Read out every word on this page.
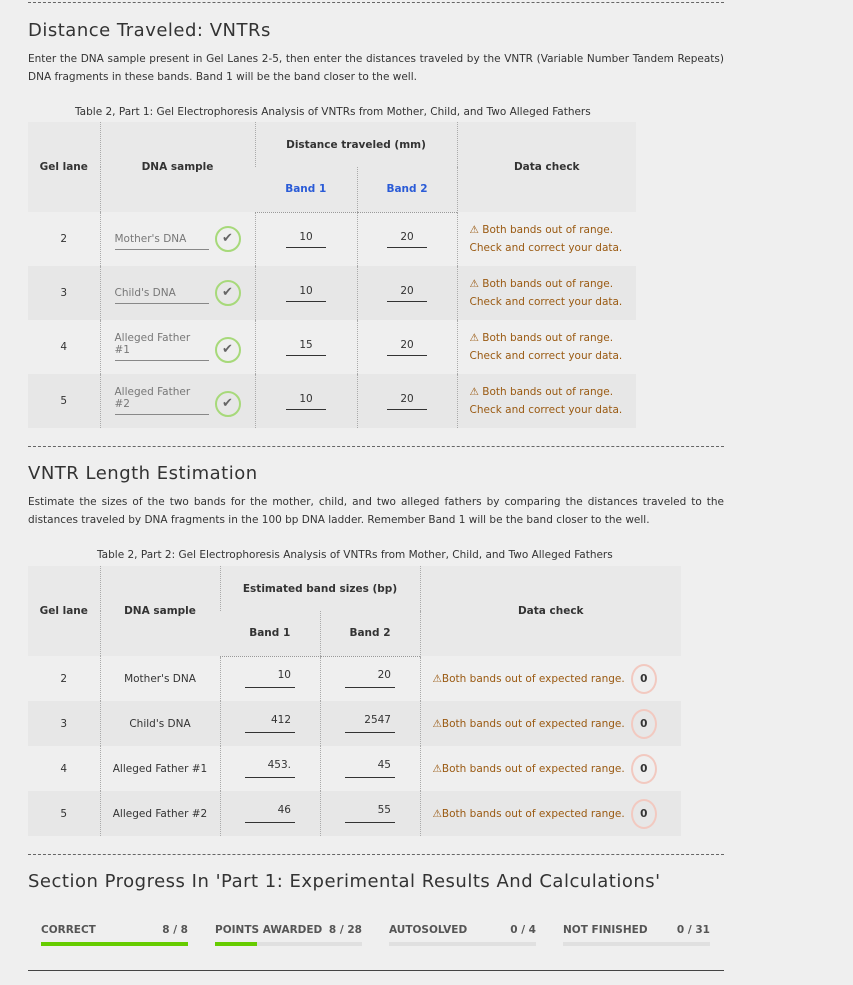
Distance Traveled: VNTRs
Enter the DNA sample present in Gel Lanes 2-5, then enter the distances traveled by the VNTR (Variable Number Tandem Repeats) DNA fragments in these bands. Band 1 will be the band closer to the well.
Table 2, Part 1: Gel Electrophoresis Analysis of VNTRs from Mother, Child, and Two Alleged Fathers
Gel lane	DNA sample	Distance traveled (mm)		Data check
		Band 1	Band 2	
2	Mother's DNA ✔	10	20	⚠ Both bands out of range.
Check and correct your data.

3	Child's DNA ✔	10	20	⚠ Both bands out of range.
Check and correct your data.

4	Alleged Father #1 ✔	15	20	⚠ Both bands out of range.
Check and correct your data.

5	Alleged Father #2 ✔	10	20	⚠ Both bands out of range.
Check and correct your data.
VNTR Length Estimation
Estimate the sizes of the two bands for the mother, child, and two alleged fathers by comparing the distances traveled to the distances traveled by DNA fragments in the 100 bp DNA ladder. Remember Band 1 will be the band closer to the well.
Table 2, Part 2: Gel Electrophoresis Analysis of VNTRs from Mother, Child, and Two Alleged Fathers
Gel lane	DNA sample	Estimated band sizes (bp)		Data check
		Band 1	Band 2	
2	Mother's DNA	10	20	⚠Both bands out of expected range. 0
3	Child's DNA	412	2547	⚠Both bands out of expected range. 0
4	Alleged Father #1	453.	45	⚠Both bands out of expected range. 0
5	Alleged Father #2	46	55	⚠Both bands out of expected range. 0
Section Progress In 'Part 1: Experimental Results And Calculations'
CORRECT	8 / 8	POINTS AWARDED 8 / 28	AUTOSOLVED	0 / 4	NOT FINISHED	0 / 31
